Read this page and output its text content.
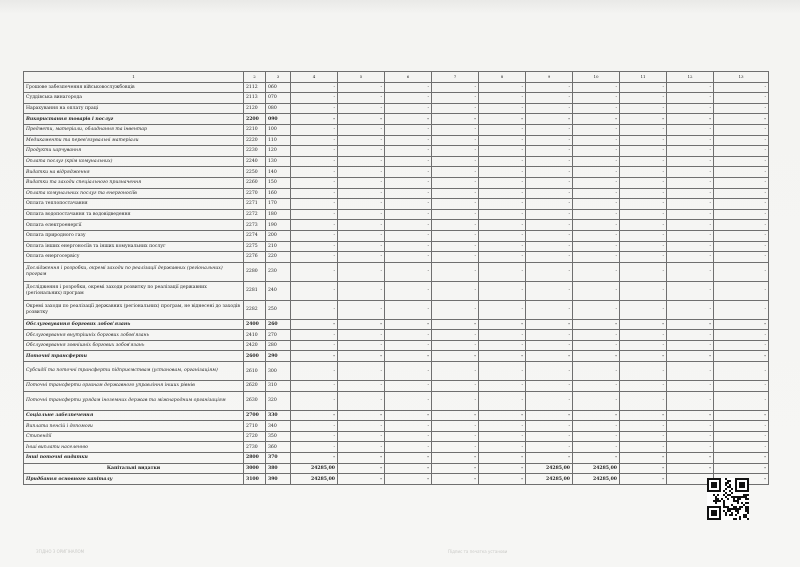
1	2	3	4	5	6	7	8	9	10	11	12	13
Грошове забезпечення військовослужбовців	2112	060	-	-	-	-	-	-	-	-	-	-
Суддівська винагорода	2113	070	-	-	-	-	-	-	-	-	-	-
Нарахування на оплату праці	2120	080	-	-	-	-	-	-	-	-	-	-
Використання товарів і послуг	2200	090	-	-	-	-	-	-	-	-	-	-
Предмети, матеріали, обладнання та інвентар	2210	100	-	-	-	-	-	-	-	-	-	-
Медикаменти та перев'язувальні матеріали	2220	110	-	-	-	-	-	-	-	-	-	-
Продукти харчування	2230	120	-	-	-	-	-	-	-	-	-	-
Оплата послуг (крім комунальних)	2240	130	-	-	-	-	-	-	-	-	-	-
Видатки на відрядження	2250	140	-	-	-	-	-	-	-	-	-	-
Видатки та заходи спеціального призначення	2260	150	-	-	-	-	-	-	-	-	-	-
Оплата комунальних послуг та енергоносіїв	2270	160	-	-	-	-	-	-	-	-	-	-
Оплата теплопостачання	2271	170	-	-	-	-	-	-	-	-	-	-
Оплата водопостачання та водовідведення	2272	180	-	-	-	-	-	-	-	-	-	-
Оплата електроенергії	2273	190	-	-	-	-	-	-	-	-	-	-
Оплата природного газу	2274	200	-	-	-	-	-	-	-	-	-	-
Оплата інших енергоносіїв та інших комунальних послуг	2275	210	-	-	-	-	-	-	-	-	-	-
Оплата енергосервісу	2276	220	-	-	-	-	-	-	-	-	-	-
Дослідження і розробки, окремі заходи по реалізації державних (регіональних) програм	2280	230	-	-	-	-	-	-	-	-	-	-
Дослідження і розробки, окремі заходи розвитку по реалізації державних (регіональних) програм	2281	240	-	-	-	-	-	-	-	-	-	-
Окремі заходи по реалізації державних (регіональних) програм, не віднесені до заходів розвитку	2282	250	-	-	-	-	-	-	-	-	-	-
Обслуговування боргових зобов'язань	2400	260	-	-	-	-	-	-	-	-	-	-
Обслуговування внутрішніх боргових зобов'язань	2410	270	-	-	-	-	-	-	-	-	-	-
Обслуговування зовнішніх боргових зобов'язань	2420	280	-	-	-	-	-	-	-	-	-	-
Поточні трансферти	2600	290	-	-	-	-	-	-	-	-	-	-
Субсидії та поточні трансферти підприємствам (установам, організаціям)	2610	300	-	-	-	-	-	-	-	-	-	-
Поточні трансферти органам державного управління інших рівнів	2620	310	-	-	-	-	-	-	-	-	-	-
Поточні трансферти урядам іноземних держав та міжнародним організаціям	2630	320	-	-	-	-	-	-	-	-	-	-
Соціальне забезпечення	2700	330	-	-	-	-	-	-	-	-	-	-
Виплата пенсій і допомоги	2710	340	-	-	-	-	-	-	-	-	-	-
Стипендії	2720	350	-	-	-	-	-	-	-	-	-	-
Інші виплати населенню	2730	360	-	-	-	-	-	-	-	-	-	-
Інші поточні видатки	2800	370	-	-	-	-	-	-	-	-	-	-
Капітальні видатки	3000	380	24285,00	-	-	-	-	24285,00	24285,00	-	-	-
Придбання основного капіталу	3100	390	24285,00	-	-	-	-	24285,00	24285,00	-		-
ЗГІДНО З ОРИГІНАЛОМ	Підпис та печатка установи
